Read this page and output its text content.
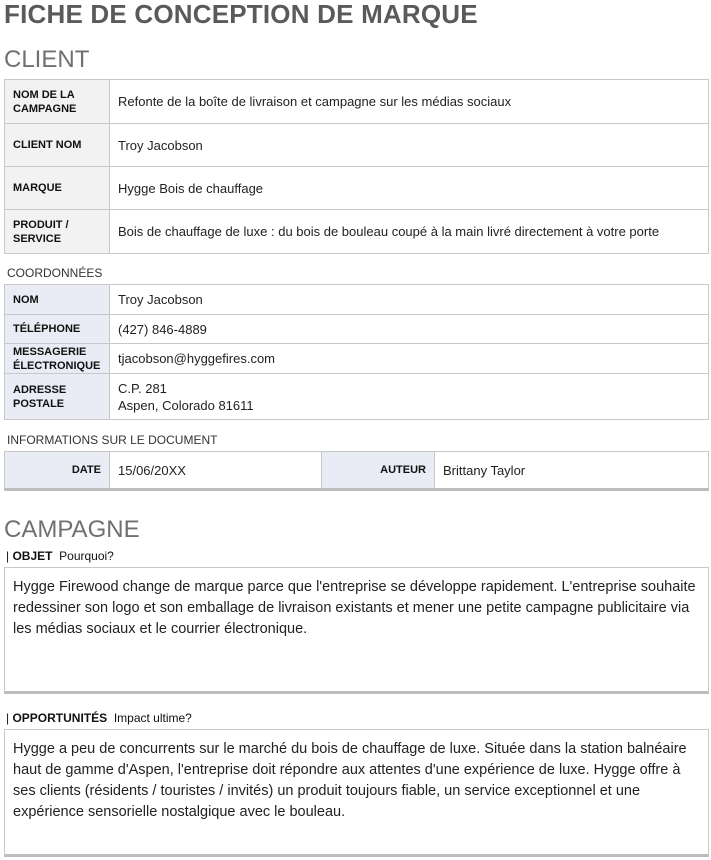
FICHE DE CONCEPTION DE MARQUE
CLIENT
NOM DE LA CAMPAGNE	Refonte de la boîte de livraison et campagne sur les médias sociaux
CLIENT NOM	Troy Jacobson
MARQUE	Hygge Bois de chauffage
PRODUIT / SERVICE	Bois de chauffage de luxe : du bois de bouleau coupé à la main livré directement à votre porte
COORDONNÉES
NOM	Troy Jacobson
TÉLÉPHONE	(427) 846-4889
MESSAGERIE ÉLECTRONIQUE	tjacobson@hyggefires.com
ADRESSE POSTALE	C.P. 281
Aspen, Colorado 81611
INFORMATIONS SUR LE DOCUMENT
DATE	15/06/20XX	AUTEUR	Brittany Taylor
CAMPAGNE
| OBJET Pourquoi?
Hygge Firewood change de marque parce que l'entreprise se développe rapidement. L'entreprise souhaite redessiner son logo et son emballage de livraison existants et mener une petite campagne publicitaire via les médias sociaux et le courrier électronique.
| OPPORTUNITÉS Impact ultime?
Hygge a peu de concurrents sur le marché du bois de chauffage de luxe. Située dans la station balnéaire haut de gamme d'Aspen, l'entreprise doit répondre aux attentes d'une expérience de luxe. Hygge offre à ses clients (résidents / touristes / invités) un produit toujours fiable, un service exceptionnel et une expérience sensorielle nostalgique avec le bouleau.
